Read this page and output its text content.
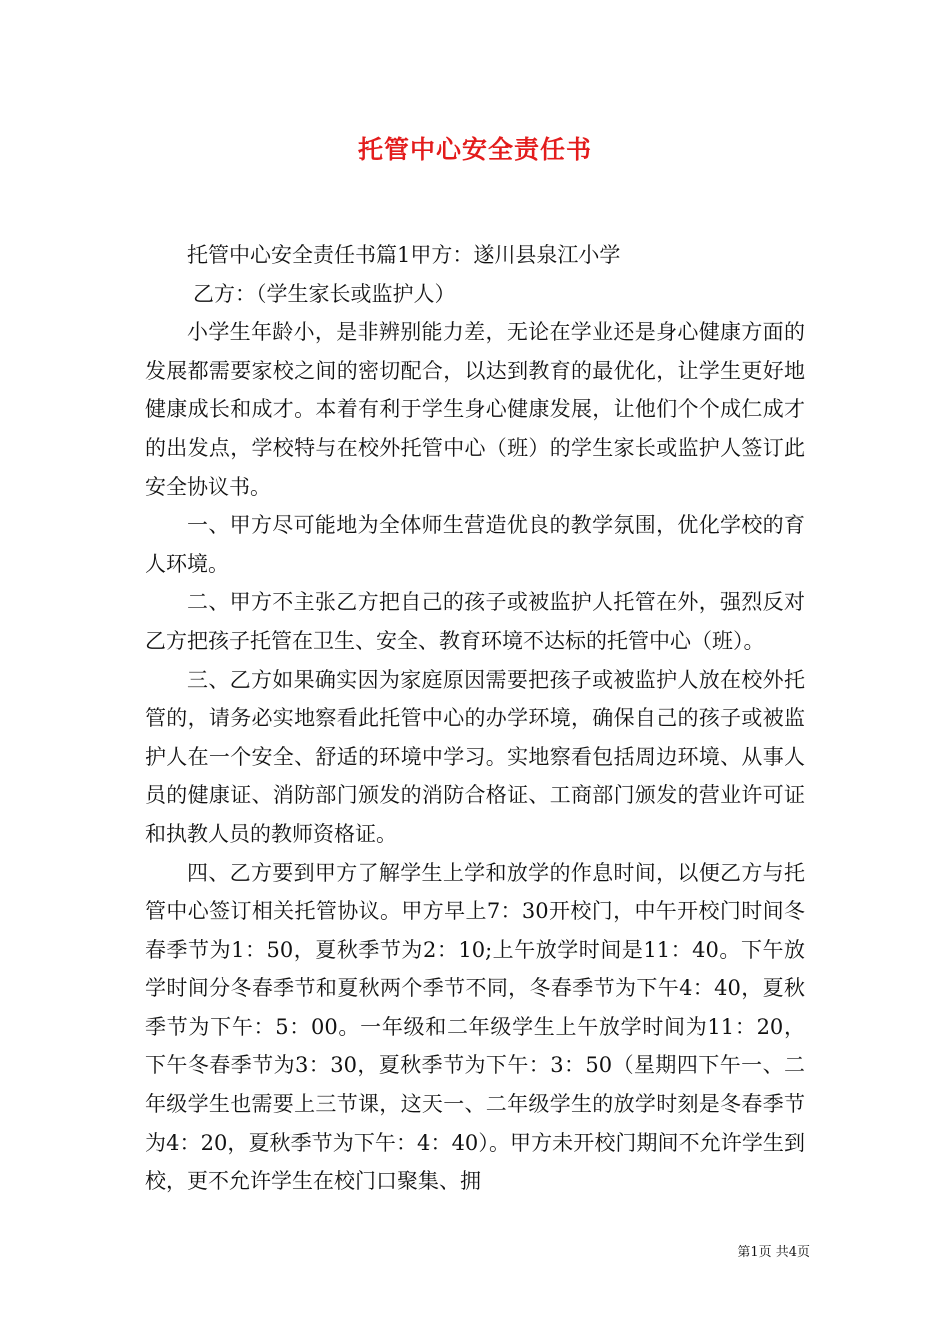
托管中心安全责任书

托管中心安全责任书篇1甲方：遂川县泉江小学

乙方：（学生家长或监护人）

小学生年龄小，是非辨别能力差，无论在学业还是身心健康方面的发展都需要家校之间的密切配合，以达到教育的最优化，让学生更好地健康成长和成才。本着有利于学生身心健康发展，让他们个个成仁成才的出发点，学校特与在校外托管中心（班）的学生家长或监护人签订此安全协议书。

一、甲方尽可能地为全体师生营造优良的教学氛围，优化学校的育人环境。

二、甲方不主张乙方把自己的孩子或被监护人托管在外，强烈反对乙方把孩子托管在卫生、安全、教育环境不达标的托管中心（班）。

三、乙方如果确实因为家庭原因需要把孩子或被监护人放在校外托管的，请务必实地察看此托管中心的办学环境，确保自己的孩子或被监护人在一个安全、舒适的环境中学习。实地察看包括周边环境、从事人员的健康证、消防部门颁发的消防合格证、工商部门颁发的营业许可证和执教人员的教师资格证。

四、乙方要到甲方了解学生上学和放学的作息时间，以便乙方与托管中心签订相关托管协议。甲方早上7：30开校门，中午开校门时间冬春季节为1：50，夏秋季节为2：10;上午放学时间是11：40。下午放学时间分冬春季节和夏秋两个季节不同，冬春季节为下午4：40，夏秋季节为下午：5：00。一年级和二年级学生上午放学时间为11：20，下午冬春季节为3：30，夏秋季节为下午：3：50（星期四下午一、二年级学生也需要上三节课，这天一、二年级学生的放学时刻是冬春季节为4：20，夏秋季节为下午：4：40）。甲方未开校门期间不允许学生到校，更不允许学生在校门口聚集、拥

第1页 共4页
